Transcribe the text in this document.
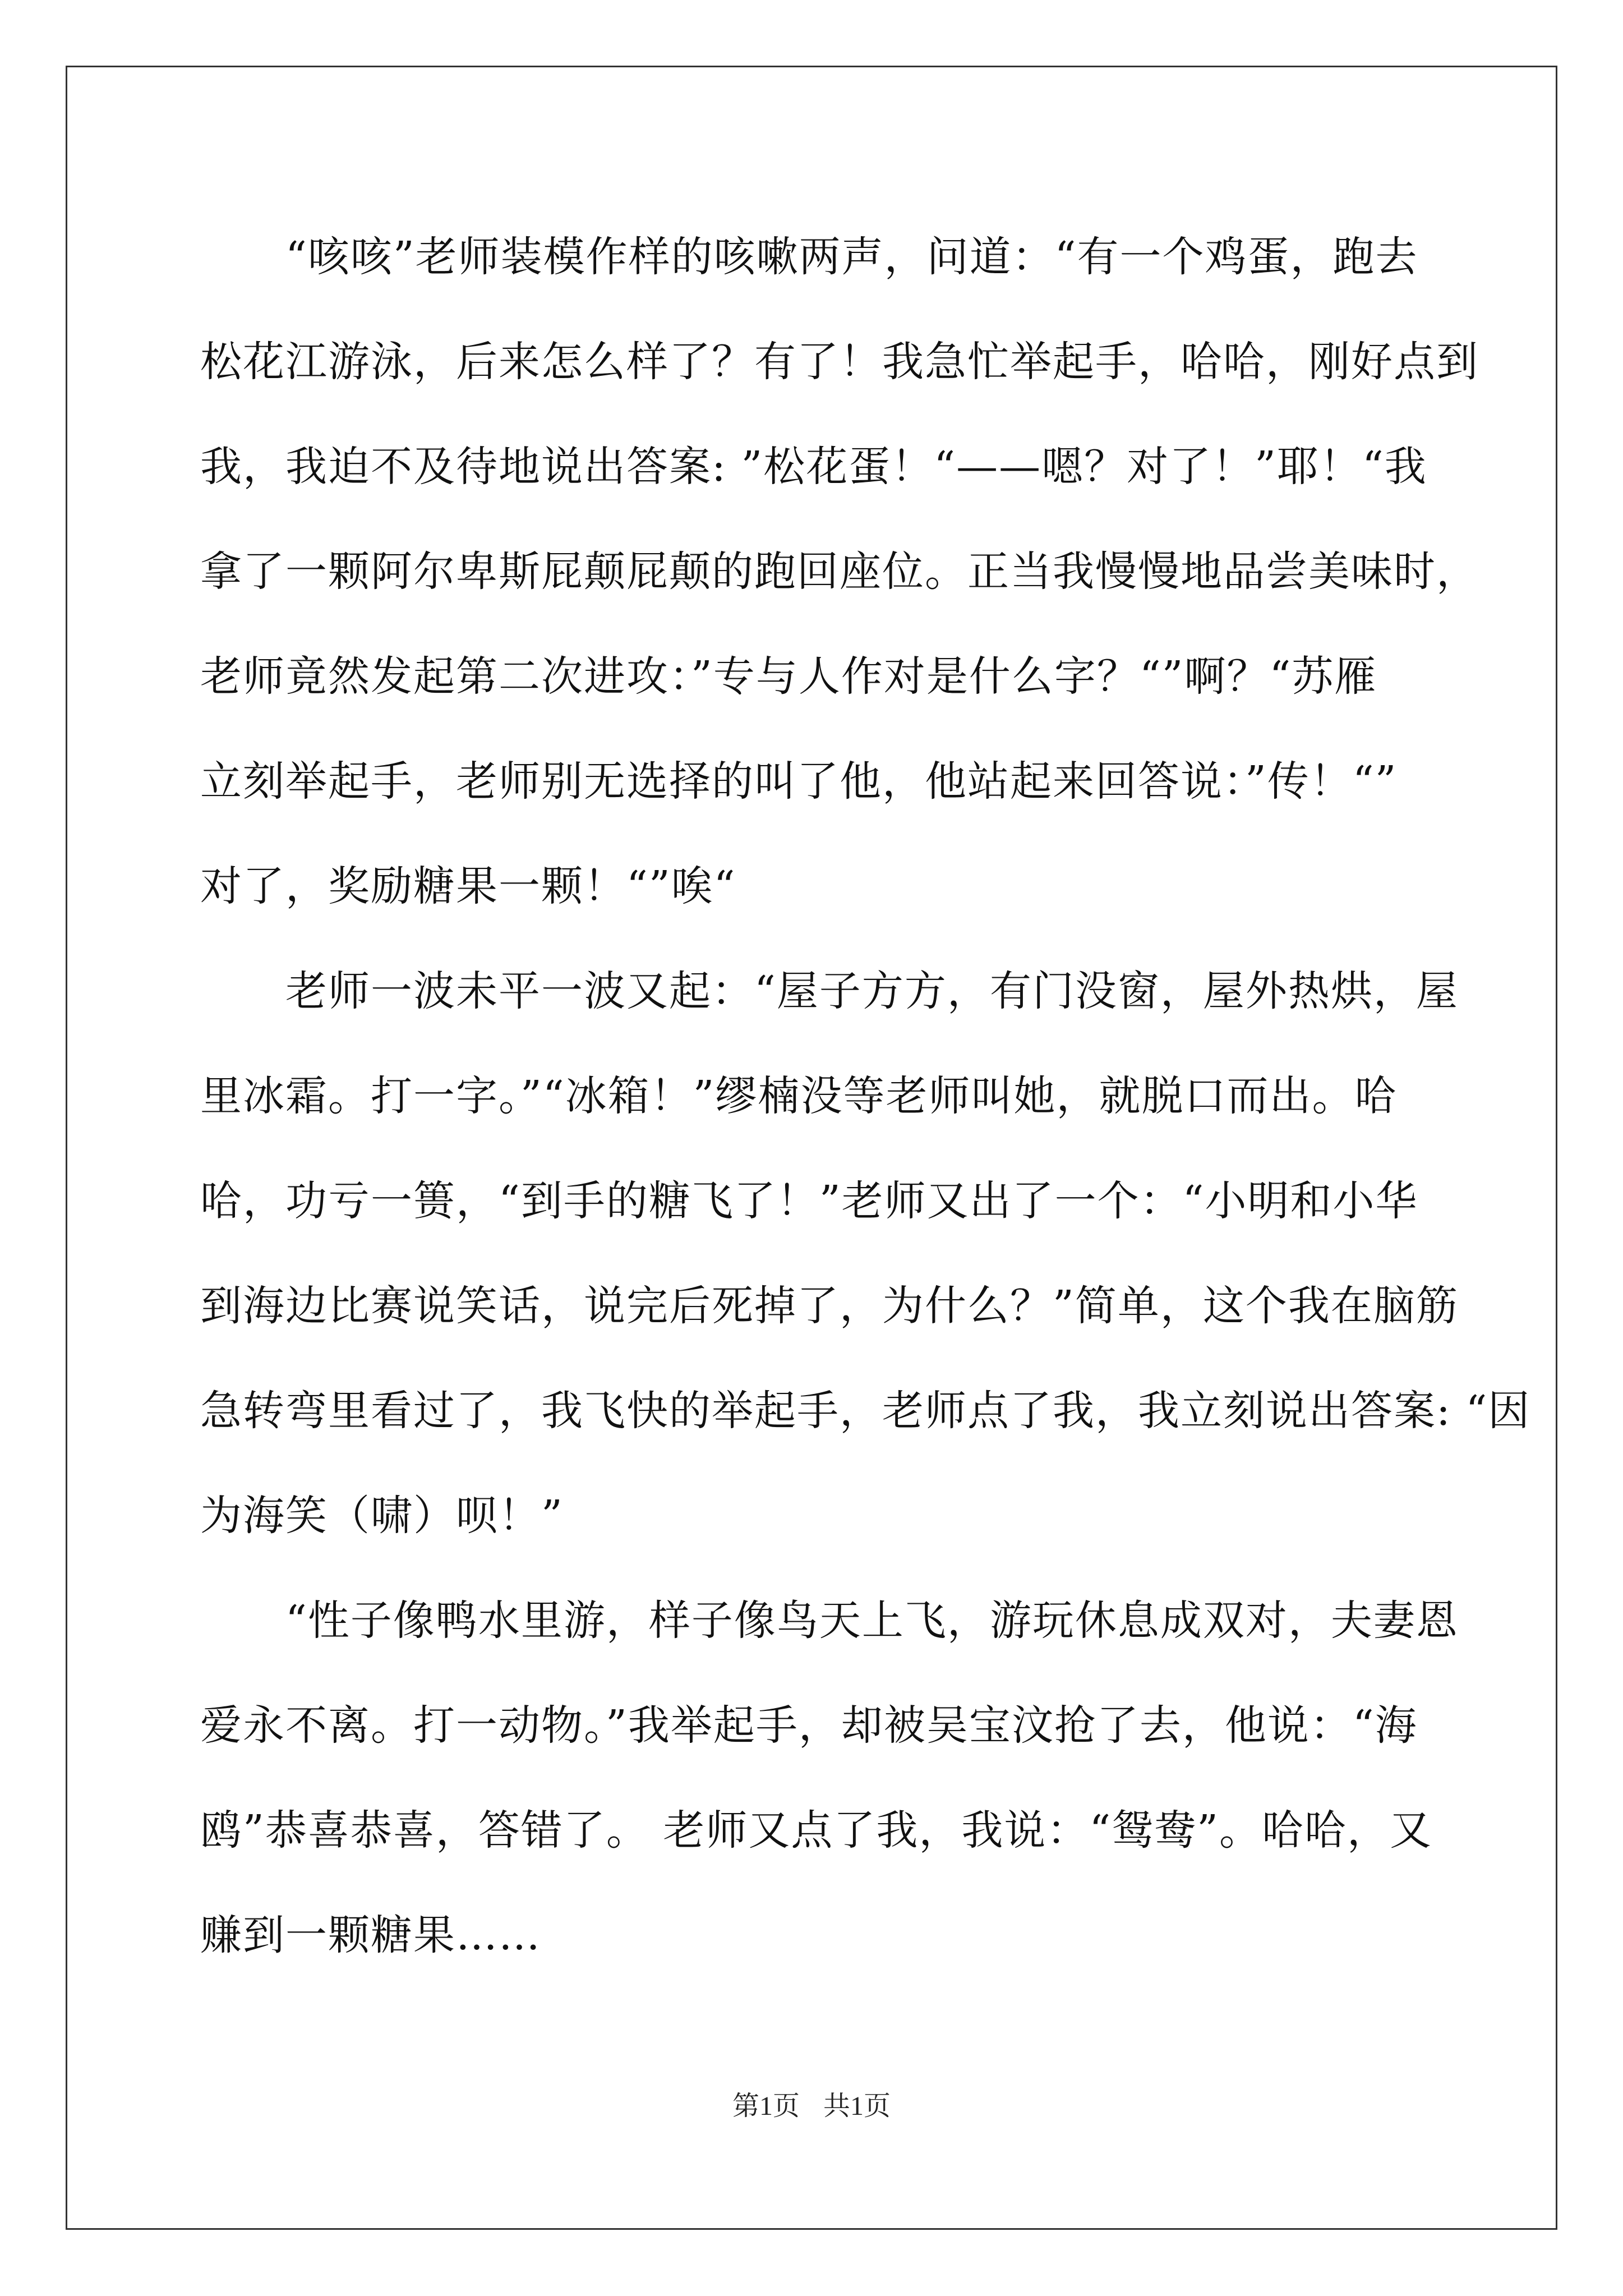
　　“咳咳”老师装模作样的咳嗽两声，问道：“有一个鸡蛋，跑去
松花江游泳，后来怎么样了？有了！我急忙举起手，哈哈，刚好点到
我，我迫不及待地说出答案: ”松花蛋！“——嗯？对了！”耶！“我
拿了一颗阿尔卑斯屁颠屁颠的跑回座位。正当我慢慢地品尝美味时，
老师竟然发起第二次进攻：”专与人作对是什么字？“”啊？“苏雁
立刻举起手，老师别无选择的叫了他，他站起来回答说：”传！“”
对了，奖励糖果一颗！“”唉“
　　老师一波未平一波又起：“屋子方方，有门没窗，屋外热烘，屋
里冰霜。打一字。”“冰箱！”缪楠没等老师叫她，就脱口而出。哈
哈，功亏一篑，“到手的糖飞了！”老师又出了一个：“小明和小华
到海边比赛说笑话，说完后死掉了，为什么？”简单，这个我在脑筋
急转弯里看过了，我飞快的举起手，老师点了我，我立刻说出答案: “因
为海笑（啸）呗！”
　　“性子像鸭水里游，样子像鸟天上飞，游玩休息成双对，夫妻恩
爱永不离。打一动物。”我举起手，却被吴宝汶抢了去，他说：“海
鸥”恭喜恭喜，答错了。 老师又点了我，我说：“鸳鸯”。哈哈，又
赚到一颗糖果……
第1页 共1页
